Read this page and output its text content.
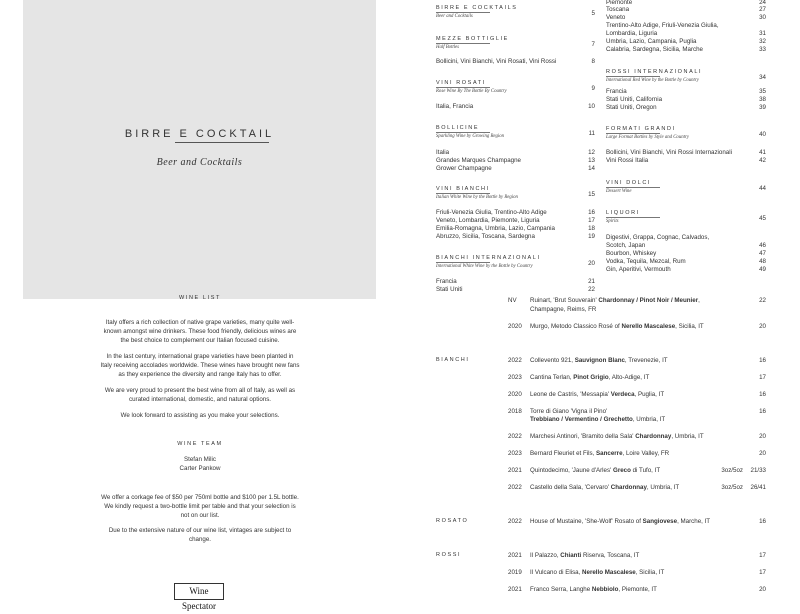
BIRRE E COCKTAIL
Beer and Cocktails
BIRRE E COCKTAILS
Beer and Cocktails	5
MEZZE BOTTIGLIE
Half Bottles	7
Bollicini, Vini Bianchi, Vini Rosati, Vini Rossi	8
VINI ROSATI
Rose Wine By The Bottle By Country	9
Italia, Francia	10
BOLLICINE
Sparkling Wine by Growing Region	11
Italia	12
Grandes Marques Champagne	13
Grower Champagne	14
VINI BIANCHI
Italian White Wine by the Bottle by Region	15
Friuli-Venezia Giulia, Trentino-Alto Adige	16
Veneto, Lombardia, Piemonte, Liguria	17
Emilia-Romagna, Umbria, Lazio, Campania	18
Abruzzo, Sicilia, Toscana, Sardegna	19
BIANCHI INTERNAZIONALI
International White Wine by the Bottle by Country	20
Francia	21
Stati Uniti	22
Piemonte	24
Toscana	27
Veneto	30
Trentino-Alto Adige, Friuli-Venezia Giulia,
Lombardia, Liguria	31
Umbria, Lazio, Campania, Puglia	32
Calabria, Sardegna, Sicilia, Marche	33
ROSSI INTERNAZIONALI
International Red Wine by the Bottle by Country	34
Francia	35
Stati Uniti, California	38
Stati Uniti, Oregon	39
FORMATI GRANDI
Large Format Bottles by Style and Country	40
Bollicini, Vini Bianchi, Vini Rossi Internazionali	41
Vini Rossi Italia	42
VINI DOLCI
Dessert Wine	44
LIQUORI
Spirits	45
Digestivi, Grappa, Cognac, Calvados,
Scotch, Japan	46
Bourbon, Whiskey	47
Vodka, Tequila, Mezcal, Rum	48
Gin, Aperitivi, Vermouth	49
WINE LIST

Italy offers a rich collection of native grape varieties, many quite well-known amongst wine drinkers. These food friendly, delicious wines are the best choice to complement our Italian focused cuisine.

In the last century, international grape varieties have been planted in Italy receiving accolades worldwide. These wines have brought new fans as they experience the diversity and range Italy has to offer.

We are very proud to present the best wine from all of Italy, as well as curated international, domestic, and natural options.

We look forward to assisting as you make your selections.

WINE TEAM

Stefan Milic

Carter Pankow

We offer a corkage fee of $50 per 750ml bottle and $100 per 1.5L bottle. We kindly request a two-bottle limit per table and that your selection is not on our list.

Due to the extensive nature of our wine list, vintages are subject to change.

Wine Spectator
NV Ruinart, 'Brut Souverain' Chardonnay / Pinot Noir / Meunier,	22
Champagne, Reims, FR
2020 Murgo, Metodo Classico Rosé of Nerello Mascalese, Sicilia, IT	20
BIANCHI	2022 Collevento 921, Sauvignon Blanc, Trevenezie, IT	16
2023 Cantina Terlan, Pinot Grigio, Alto-Adige, IT	17
2020 Leone de Castris, 'Messapia' Verdeca, Puglia, IT	16
2018 Torre di Giano 'Vigna il Pino'	16
Trebbiano / Vermentino / Grechetto, Umbria, IT
2022 Marchesi Antinori, 'Bramito della Sala' Chardonnay, Umbria, IT	20
2023 Bernard Fleuriet et Fils, Sancerre, Loire Valley, FR	20
2021 Quintodecimo, 'Jaune d'Arles' Greco di Tufo, IT	3oz/5oz 21/33
2022 Castello della Sala, 'Cervaro' Chardonnay, Umbria, IT	3oz/5oz 26/41
ROSATO	2022 House of Mustaine, 'She-Wolf' Rosato of Sangiovese, Marche, IT	16
ROSSI	2021 Il Palazzo, Chianti Riserva, Toscana, IT	17
2019 Il Vulcano di Elisa, Nerello Mascalese, Sicilia, IT	17
2021 Franco Serra, Langhe Nebbiolo, Piemonte, IT	20
